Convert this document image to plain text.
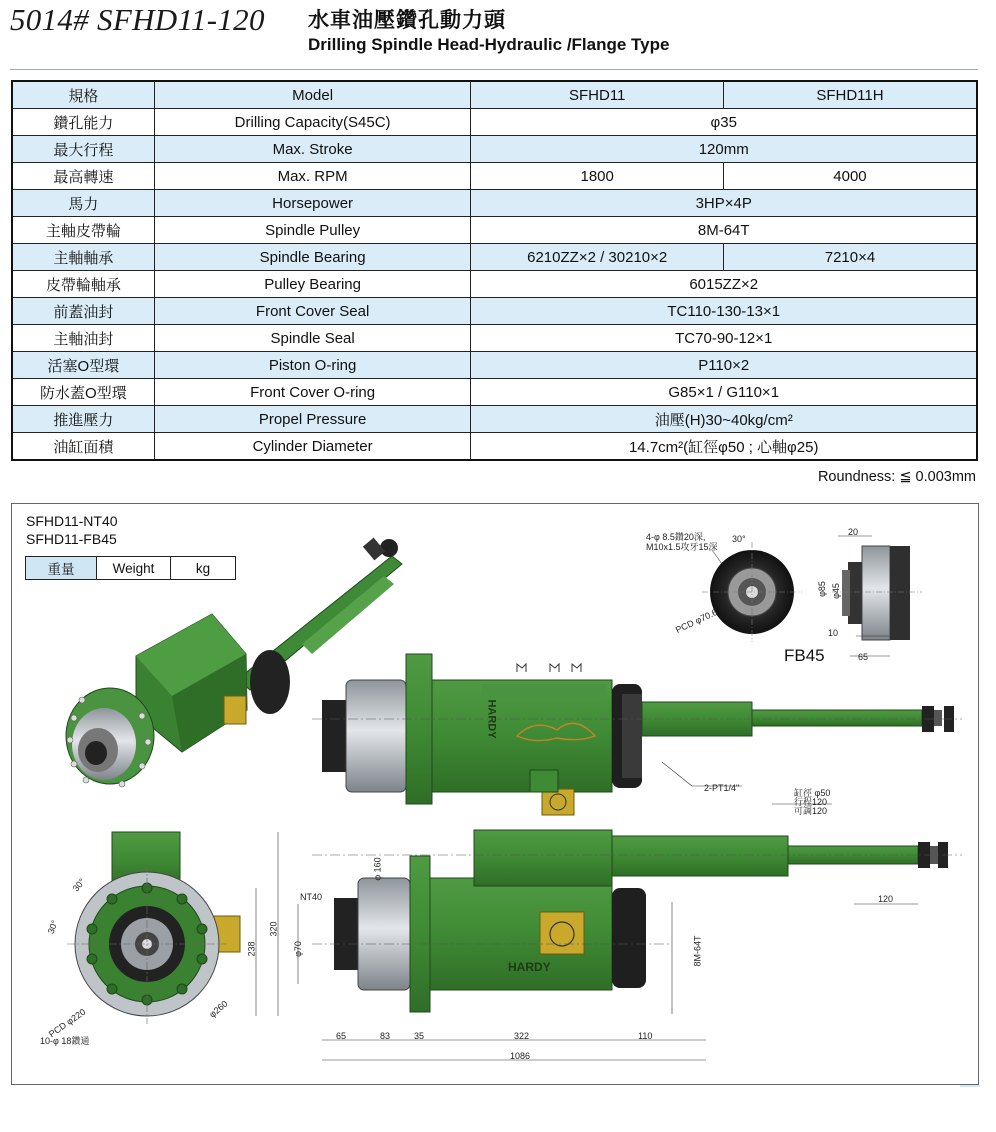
5014# SFHD11-120 水車油壓鑽孔動力頭
Drilling Spindle Head-Hydraulic /Flange Type
規格	Model	SFHD11	SFHD11H
鑽孔能力	Drilling Capacity(S45C)	φ35	
最大行程	Max. Stroke	120mm	
最高轉速	Max. RPM	1800	4000
馬力	Horsepower	3HP×4P	
主軸皮帶輪	Spindle Pulley	8M-64T	
主軸軸承	Spindle Bearing	6210ZZ×2 / 30210×2	7210×4
皮帶輪軸承	Pulley Bearing	6015ZZ×2	
前蓋油封	Front Cover Seal	TC110-130-13×1	
主軸油封	Spindle Seal	TC70-90-12×1	
活塞O型環	Piston O-ring	P110×2	
防水蓋O型環	Front Cover O-ring	G85×1 / G110×1	
推進壓力	Propel Pressure	油壓(H)30~40kg/cm²	
油缸面積	Cylinder Diameter	14.7cm²(缸徑φ50 ; 心軸φ25)	
Roundness: ≦ 0.003mm
SFHD11-NT40
SFHD11-FB45
重量	Weight	kg
FB45
4-φ 8.5鑽20深,
M10x1.5攻牙15深
30°
PCD φ70.6
20
φ85 φ45
10
65
2-PT1/4"	缸徑 φ50
行程120
可調120
120
φ 160
NT40
φ70	8M-64T
238
320
PCD φ220
10-φ 18鑽通
φ260
30°
30°
65	83	35	322	110
1086
HARDY
HARDY
